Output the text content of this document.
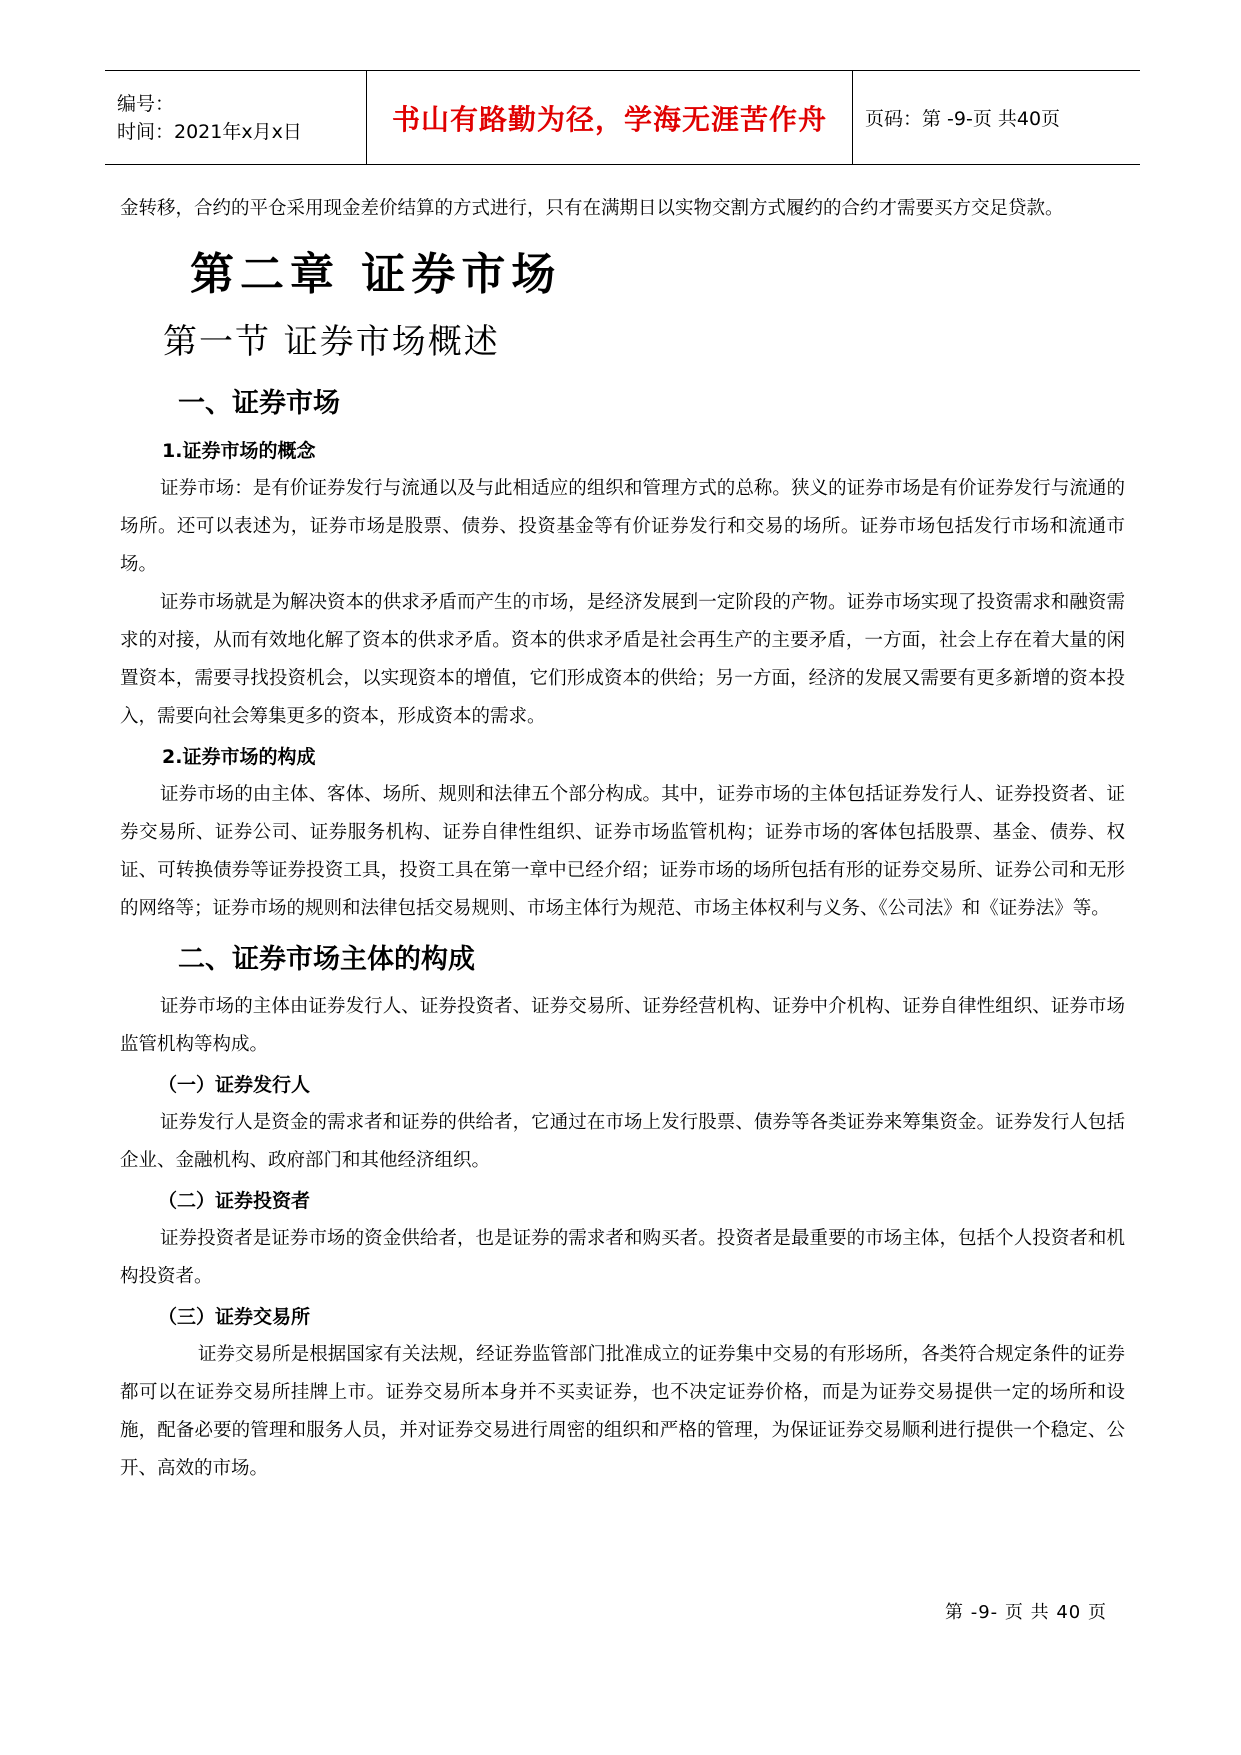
编号：
时间：2021年x月x日	书山有路勤为径，学海无涯苦作舟 页码：第 -9-页 共40页

金转移，合约的平仓采用现金差价结算的方式进行，只有在满期日以实物交割方式履约的合约才需要买方交足贷款。

第二章 证券市场
第一节 证券市场概述
一、证券市场
1.证券市场的概念

证券市场：是有价证券发行与流通以及与此相适应的组织和管理方式的总称。狭义的证券市场是有价证券发行与流通的场所。还可以表述为，证券市场是股票、债券、投资基金等有价证券发行和交易的场所。证券市场包括发行市场和流通市场。

证券市场就是为解决资本的供求矛盾而产生的市场，是经济发展到一定阶段的产物。证券市场实现了投资需求和融资需求的对接，从而有效地化解了资本的供求矛盾。资本的供求矛盾是社会再生产的主要矛盾，一方面，社会上存在着大量的闲置资本，需要寻找投资机会，以实现资本的增值，它们形成资本的供给；另一方面，经济的发展又需要有更多新增的资本投入，需要向社会筹集更多的资本，形成资本的需求。

2.证券市场的构成

证券市场的由主体、客体、场所、规则和法律五个部分构成。其中，证券市场的主体包括证券发行人、证券投资者、证券交易所、证券公司、证券服务机构、证券自律性组织、证券市场监管机构；证券市场的客体包括股票、基金、债券、权证、可转换债券等证券投资工具，投资工具在第一章中已经介绍；证券市场的场所包括有形的证券交易所、证券公司和无形的网络等；证券市场的规则和法律包括交易规则、市场主体行为规范、市场主体权利与义务、《公司法》和《证券法》等。

二、证券市场主体的构成

证券市场的主体由证券发行人、证券投资者、证券交易所、证券经营机构、证券中介机构、证券自律性组织、证券市场监管机构等构成。

（一）证券发行人

证券发行人是资金的需求者和证券的供给者，它通过在市场上发行股票、债券等各类证券来筹集资金。证券发行人包括企业、金融机构、政府部门和其他经济组织。

（二）证券投资者

证券投资者是证券市场的资金供给者，也是证券的需求者和购买者。投资者是最重要的市场主体，包括个人投资者和机构投资者。

（三）证券交易所

证券交易所是根据国家有关法规，经证券监管部门批准成立的证券集中交易的有形场所，各类符合规定条件的证券都可以在证券交易所挂牌上市。证券交易所本身并不买卖证券，也不决定证券价格，而是为证券交易提供一定的场所和设施，配备必要的管理和服务人员，并对证券交易进行周密的组织和严格的管理，为保证证券交易顺利进行提供一个稳定、公开、高效的市场。

第 -9- 页 共 40 页
